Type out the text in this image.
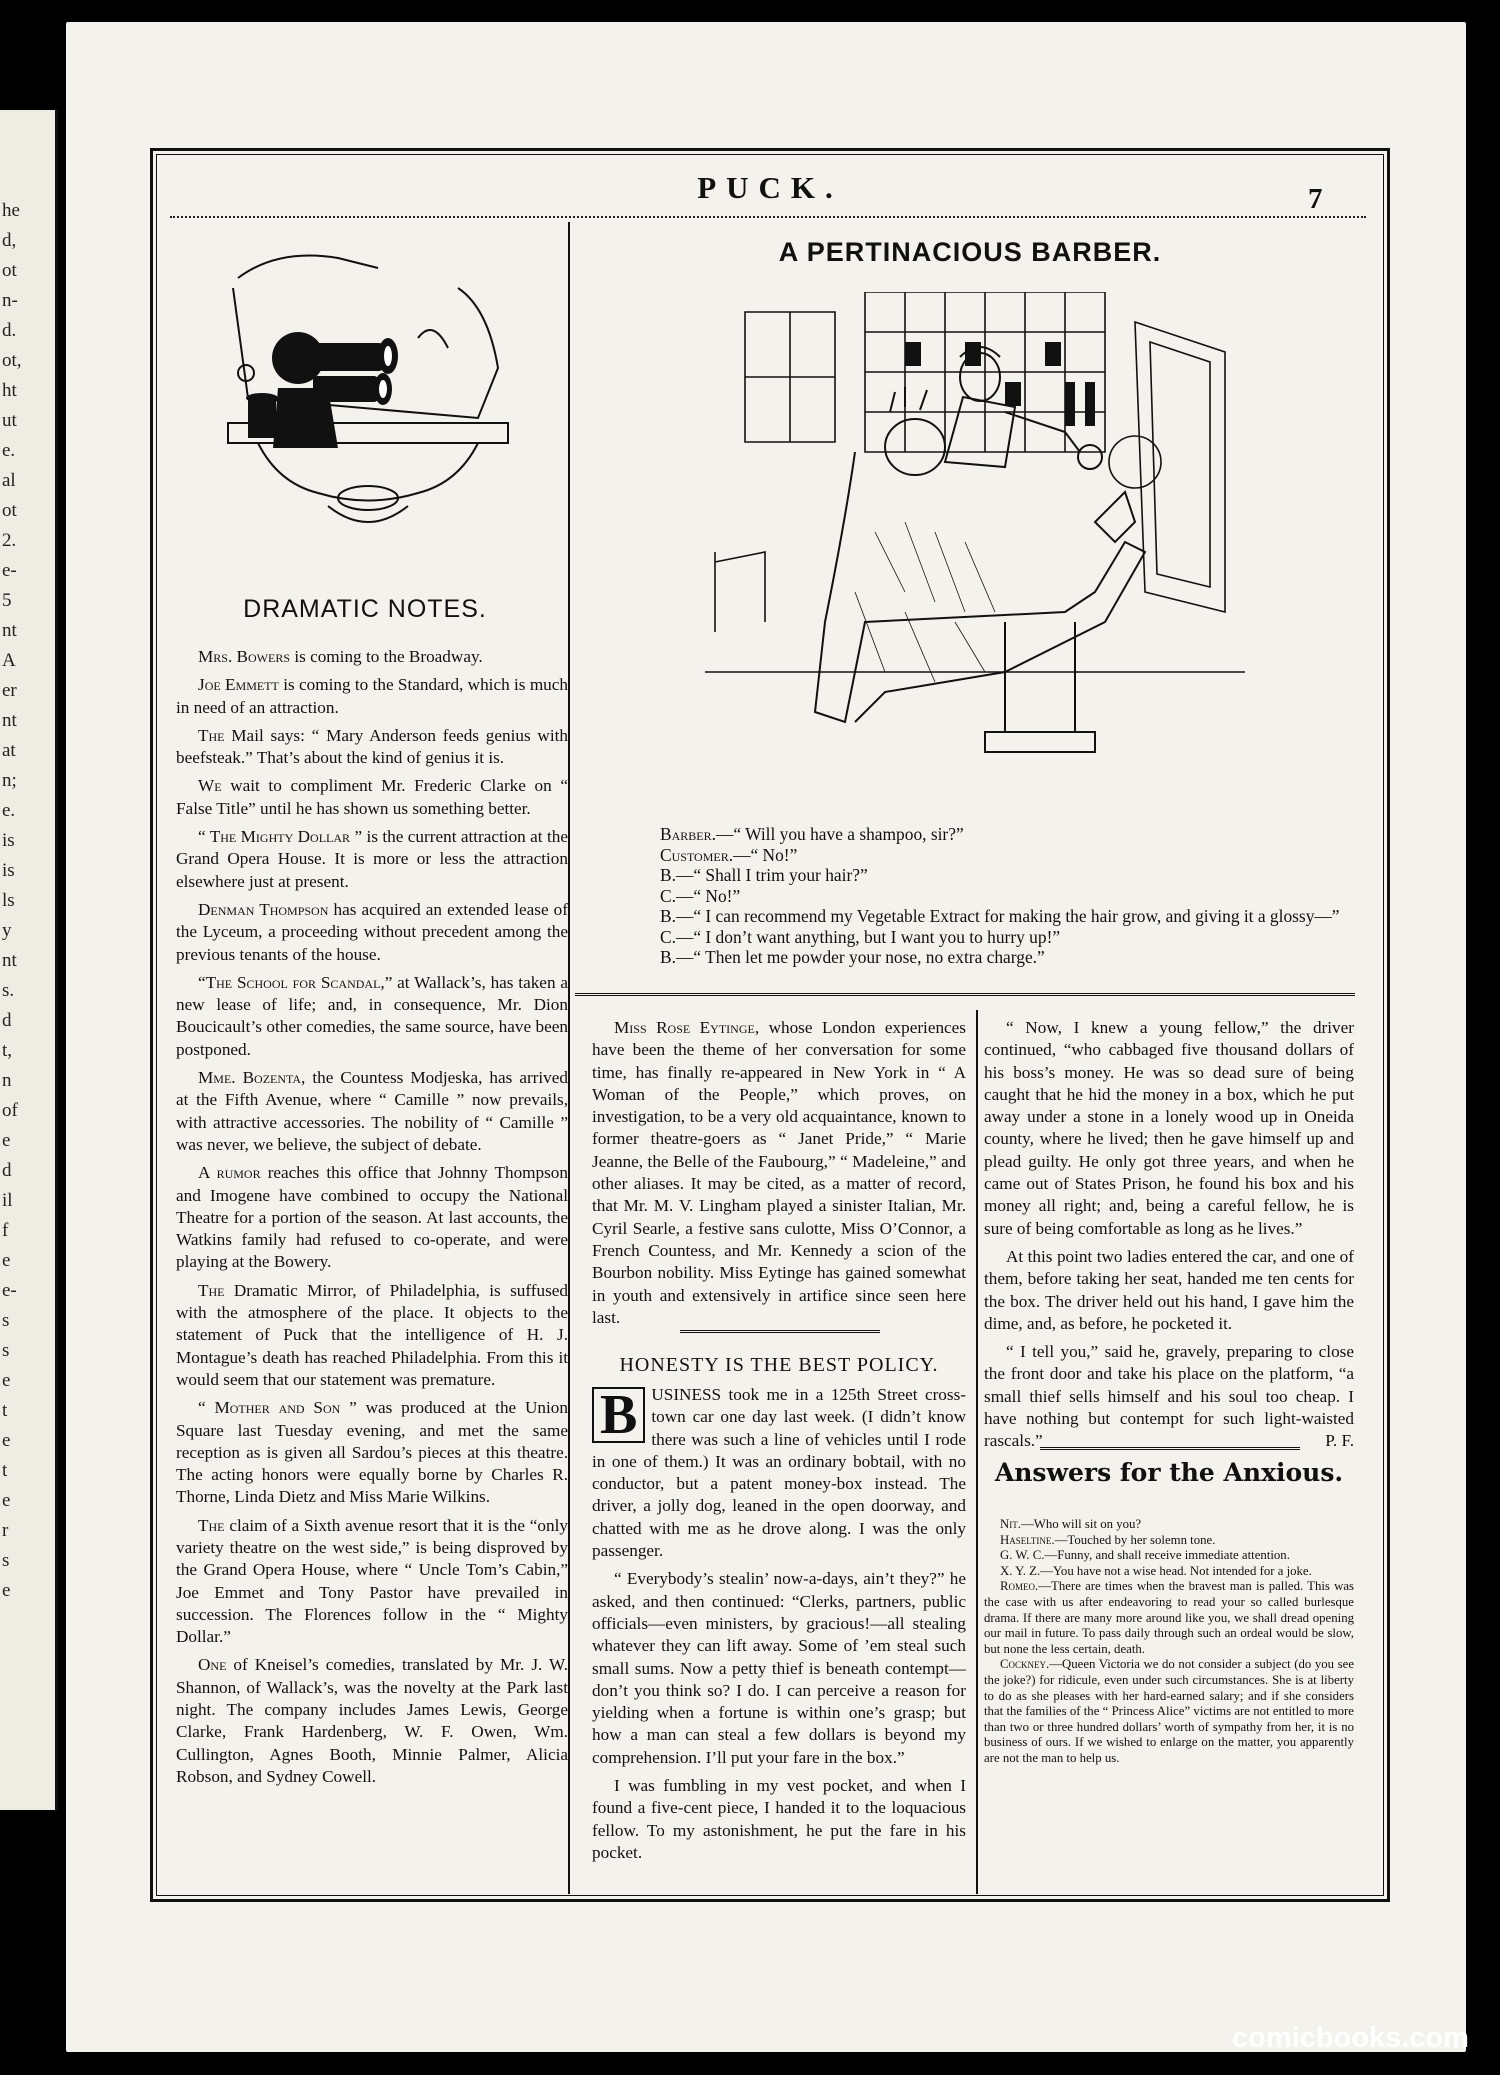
he
d,
ot
n-
d.
ot,
ht
ut
e.
al
ot
2.
e-
5
nt
A
er
nt
at
n;
e.
is
is
ls
y
nt
s.
d
t,
n
of
e
d
il
f
e
e-
s
s
e
t
e
t
e
r
s
e
PUCK.	7
DRAMATIC NOTES.

Mrs. Bowers is coming to the Broadway.

Joe Emmett is coming to the Standard, which is much in need of an attraction.

The Mail says: “ Mary Anderson feeds genius with beefsteak.” That’s about the kind of genius it is.

We wait to compliment Mr. Frederic Clarke on “ False Title” until he has shown us something better.

“ The Mighty Dollar ” is the current attraction at the Grand Opera House. It is more or less the attraction elsewhere just at present.

Denman Thompson has acquired an extended lease of the Lyceum, a proceeding without precedent among the previous tenants of the house.

“The School for Scandal,” at Wallack’s, has taken a new lease of life; and, in consequence, Mr. Dion Boucicault’s other comedies, the same source, have been postponed.

Mme. Bozenta, the Countess Modjeska, has arrived at the Fifth Avenue, where “ Camille ” now prevails, with attractive accessories. The nobility of “ Camille ” was never, we believe, the subject of debate.

A rumor reaches this office that Johnny Thompson and Imogene have combined to occupy the National Theatre for a portion of the season. At last accounts, the Watkins family had refused to co-operate, and were playing at the Bowery.

The Dramatic Mirror, of Philadelphia, is suffused with the atmosphere of the place. It objects to the statement of Puck that the intelligence of H. J. Montague’s death has reached Philadelphia. From this it would seem that our statement was premature.

“ Mother and Son ” was produced at the Union Square last Tuesday evening, and met the same reception as is given all Sardou’s pieces at this theatre. The acting honors were equally borne by Charles R. Thorne, Linda Dietz and Miss Marie Wilkins.

The claim of a Sixth avenue resort that it is the “only variety theatre on the west side,” is being disproved by the Grand Opera House, where “ Uncle Tom’s Cabin,” Joe Emmet and Tony Pastor have prevailed in succession. The Florences follow in the “ Mighty Dollar.”

One of Kneisel’s comedies, translated by Mr. J. W. Shannon, of Wallack’s, was the novelty at the Park last night. The company includes James Lewis, George Clarke, Frank Hardenberg, W. F. Owen, Wm. Cullington, Agnes Booth, Minnie Palmer, Alicia Robson, and Sydney Cowell.

A PERTINACIOUS BARBER.
Barber.—“ Will you have a shampoo, sir?”
Customer.—“ No!”
B.—“ Shall I trim your hair?”
C.—“ No!”
B.—“ I can recommend my Vegetable Extract for making the hair grow, and giving it a glossy—”
C.—“ I don’t want anything, but I want you to hurry up!”
B.—“ Then let me powder your nose, no extra charge.”

Miss Rose Eytinge, whose London experiences have been the theme of her conversation for some time, has finally re-appeared in New York in “ A Woman of the People,” which proves, on investigation, to be a very old acquaintance, known to former theatre-goers as “ Janet Pride,” “ Marie Jeanne, the Belle of the Faubourg,” “ Madeleine,” and other aliases. It may be cited, as a matter of record, that Mr. M. V. Lingham played a sinister Italian, Mr. Cyril Searle, a festive sans culotte, Miss O’Connor, a French Countess, and Mr. Kennedy a scion of the Bourbon nobility. Miss Eytinge has gained somewhat in youth and extensively in artifice since seen here last.

HONESTY IS THE BEST POLICY.

B USINESS took me in a 125th Street cross-town car one day last week. (I didn’t know there was such a line of vehicles until I rode in one of them.) It was an ordinary bobtail, with no conductor, but a patent money-box instead. The driver, a jolly dog, leaned in the open doorway, and chatted with me as he drove along. I was the only passenger.

“ Everybody’s stealin’ now-a-days, ain’t they?” he asked, and then continued: “Clerks, partners, public officials—even ministers, by gracious!—all stealing whatever they can lift away. Some of ’em steal such small sums. Now a petty thief is beneath contempt—don’t you think so? I do. I can perceive a reason for yielding when a fortune is within one’s grasp; but how a man can steal a few dollars is beyond my comprehension. I’ll put your fare in the box.”

I was fumbling in my vest pocket, and when I found a five-cent piece, I handed it to the loquacious fellow. To my astonishment, he put the fare in his pocket.

“ Now, I knew a young fellow,” the driver continued, “who cabbaged five thousand dollars of his boss’s money. He was so dead sure of being caught that he hid the money in a box, which he put away under a stone in a lonely wood up in Oneida county, where he lived; then he gave himself up and plead guilty. He only got three years, and when he came out of States Prison, he found his box and his money all right; and, being a careful fellow, he is sure of being comfortable as long as he lives.”

At this point two ladies entered the car, and one of them, before taking her seat, handed me ten cents for the box. The driver held out his hand, I gave him the dime, and, as before, he pocketed it.

“ I tell you,” said he, gravely, preparing to close the front door and take his place on the platform, “a small thief sells himself and his soul too cheap. I have nothing but contempt for such light-waisted rascals.”	P. F.

Answers for the Anxious.

Nit.—Who will sit on you?

Haseltine.—Touched by her solemn tone.

G. W. C.—Funny, and shall receive immediate attention.

X. Y. Z.—You have not a wise head. Not intended for a joke.

Romeo.—There are times when the bravest man is palled. This was the case with us after endeavoring to read your so called burlesque drama. If there are many more around like you, we shall dread opening our mail in future. To pass daily through such an ordeal would be slow, but none the less certain, death.

Cockney.—Queen Victoria we do not consider a subject (do you see the joke?) for ridicule, even under such circumstances. She is at liberty to do as she pleases with her hard-earned salary; and if she considers that the families of the “ Princess Alice” victims are not entitled to more than two or three hundred dollars’ worth of sympathy from her, it is no business of ours. If we wished to enlarge on the matter, you apparently are not the man to help us.

comicbooks.com
